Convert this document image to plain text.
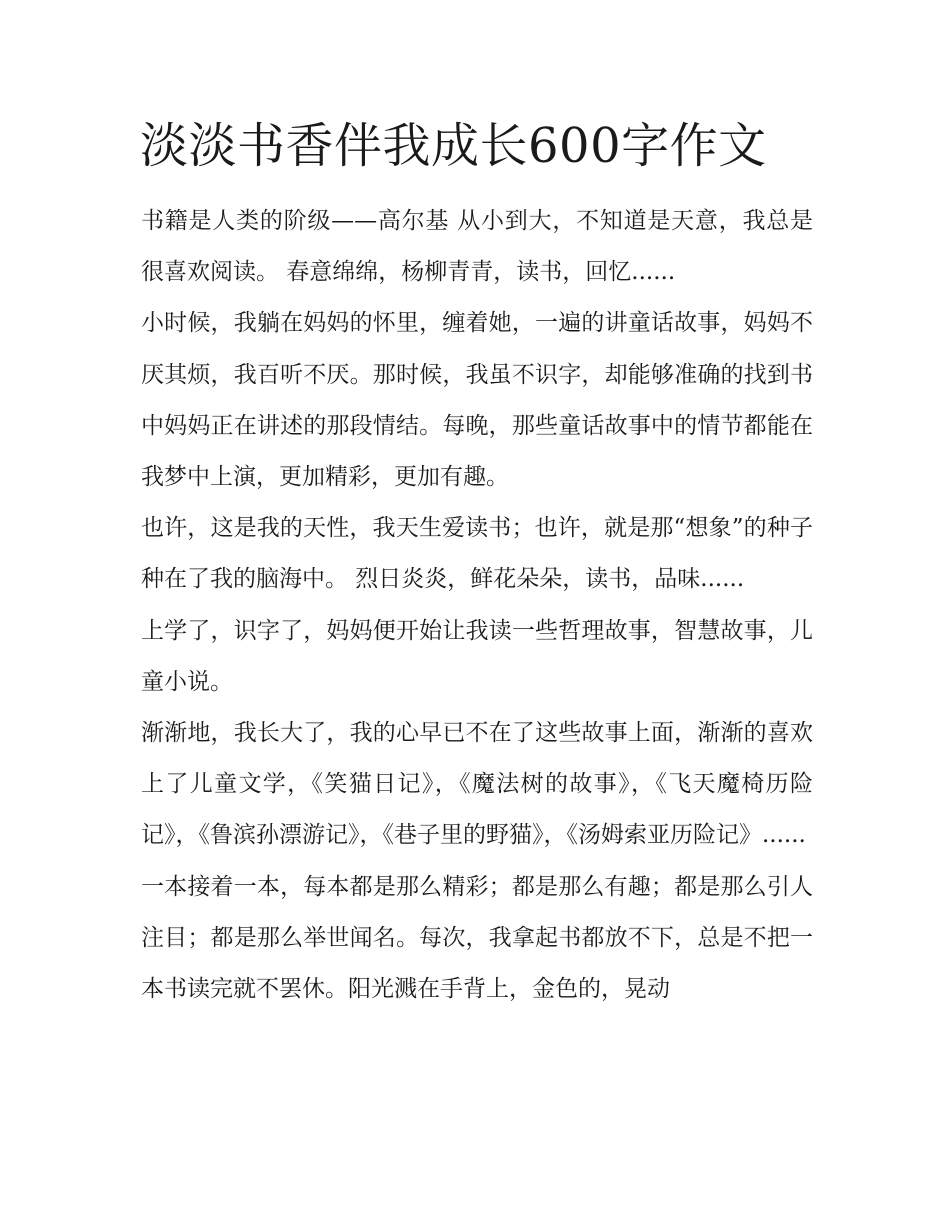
淡淡书香伴我成长600字作文

书籍是人类的阶级——高尔基 从小到大，不知道是天意，我总是很喜欢阅读。 春意绵绵，杨柳青青，读书，回忆......

小时候，我躺在妈妈的怀里，缠着她，一遍的讲童话故事，妈妈不厌其烦，我百听不厌。那时候，我虽不识字，却能够准确的找到书中妈妈正在讲述的那段情结。每晚，那些童话故事中的情节都能在我梦中上演，更加精彩，更加有趣。

也许，这是我的天性，我天生爱读书；也许，就是那“想象”的种子种在了我的脑海中。 烈日炎炎，鲜花朵朵，读书，品味......

上学了，识字了，妈妈便开始让我读一些哲理故事，智慧故事，儿童小说。

渐渐地，我长大了，我的心早已不在了这些故事上面，渐渐的喜欢上了儿童文学，《笑猫日记》，《魔法树的故事》，《飞天魔椅历险记》，《鲁滨孙漂游记》，《巷子里的野猫》，《汤姆索亚历险记》......

一本接着一本，每本都是那么精彩；都是那么有趣；都是那么引人注目；都是那么举世闻名。每次，我拿起书都放不下，总是不把一本书读完就不罢休。阳光溅在手背上，金色的，晃动
